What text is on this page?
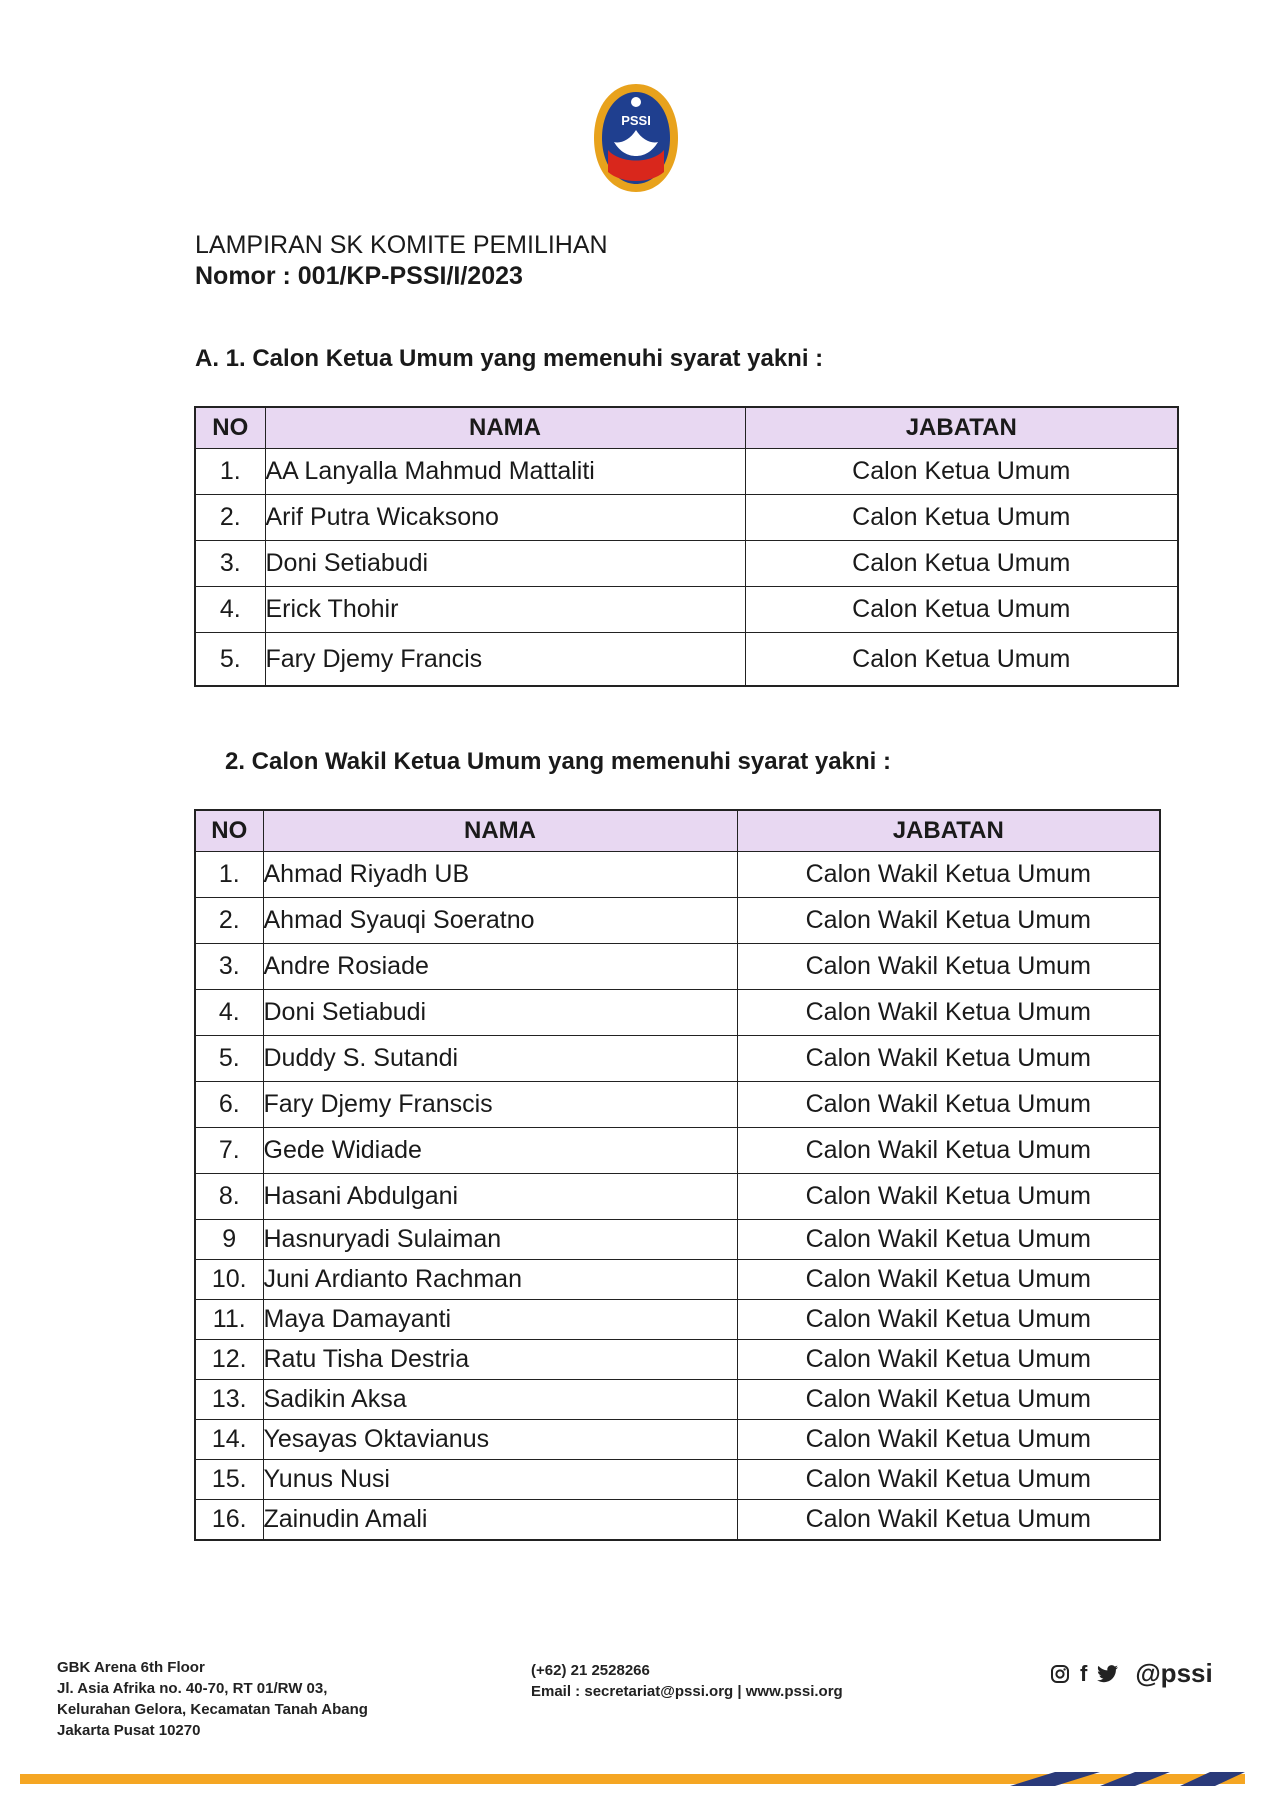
PSSI
LAMPIRAN SK KOMITE PEMILIHAN
Nomor : 001/KP-PSSI/I/2023
A. 1. Calon Ketua Umum yang memenuhi syarat yakni :
NO	NAMA	JABATAN
1.	AA Lanyalla Mahmud Mattaliti	Calon Ketua Umum
2.	Arif Putra Wicaksono	Calon Ketua Umum
3.	Doni Setiabudi	Calon Ketua Umum
4.	Erick Thohir	Calon Ketua Umum
5.	Fary Djemy Francis	Calon Ketua Umum
2. Calon Wakil Ketua Umum yang memenuhi syarat yakni :
NO	NAMA	JABATAN
1.	Ahmad Riyadh UB	Calon Wakil Ketua Umum
2.	Ahmad Syauqi Soeratno	Calon Wakil Ketua Umum
3.	Andre Rosiade	Calon Wakil Ketua Umum
4.	Doni Setiabudi	Calon Wakil Ketua Umum
5.	Duddy S. Sutandi	Calon Wakil Ketua Umum
6.	Fary Djemy Franscis	Calon Wakil Ketua Umum
7.	Gede Widiade	Calon Wakil Ketua Umum
8.	Hasani Abdulgani	Calon Wakil Ketua Umum
9	Hasnuryadi Sulaiman	Calon Wakil Ketua Umum
10.	Juni Ardianto Rachman	Calon Wakil Ketua Umum
11.	Maya Damayanti	Calon Wakil Ketua Umum
12.	Ratu Tisha Destria	Calon Wakil Ketua Umum
13.	Sadikin Aksa	Calon Wakil Ketua Umum
14.	Yesayas Oktavianus	Calon Wakil Ketua Umum
15.	Yunus Nusi	Calon Wakil Ketua Umum
16.	Zainudin Amali	Calon Wakil Ketua Umum
GBK Arena 6th Floor
Jl. Asia Afrika no. 40-70, RT 01/RW 03,
Kelurahan Gelora, Kecamatan Tanah Abang
Jakarta Pusat 10270
(+62) 21 2528266
Email : secretariat@pssi.org | www.pssi.org
f @pssi
